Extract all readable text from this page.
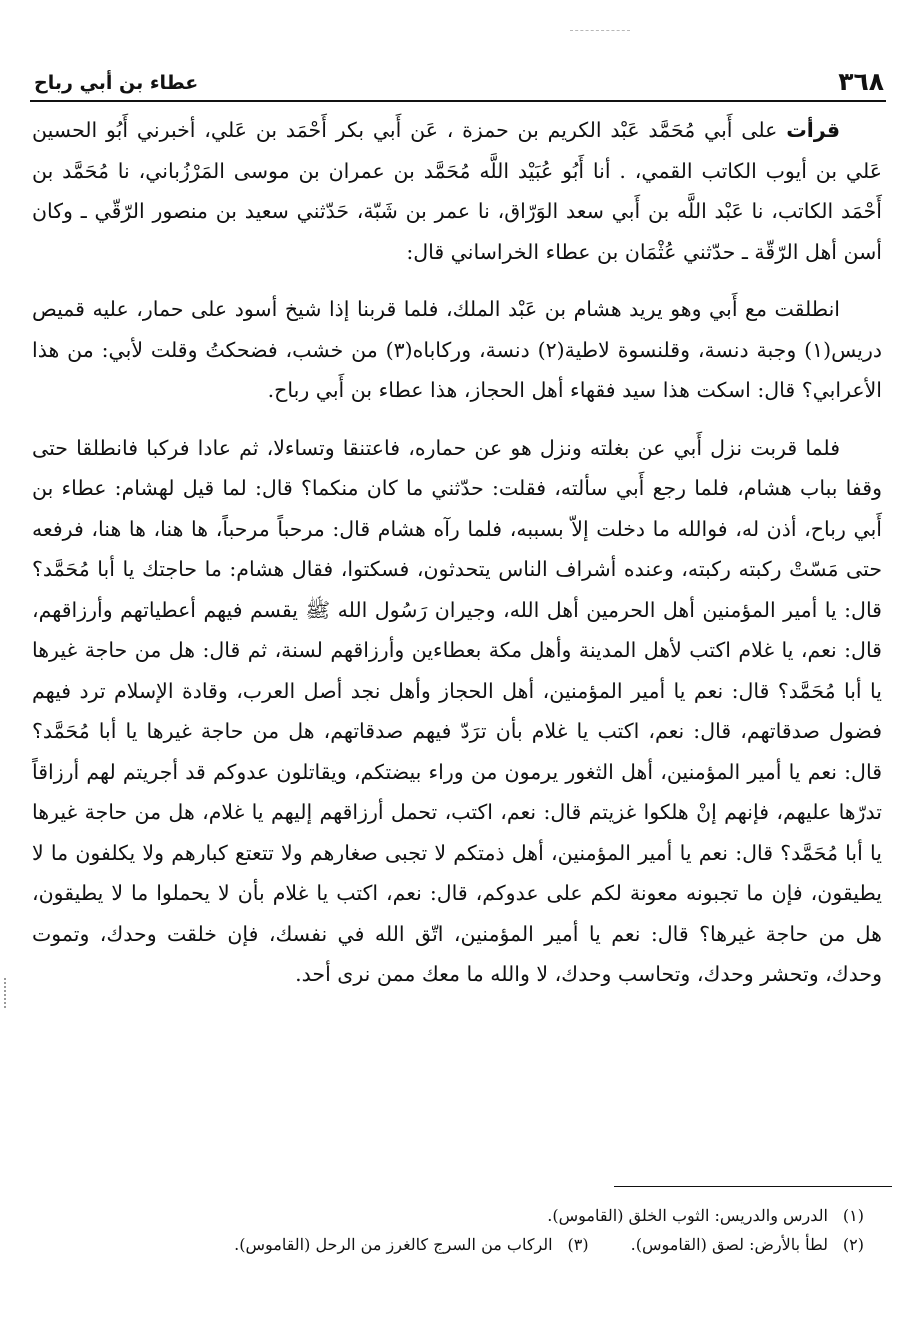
٣٦٨
عطاء بن أبي رباح

قرأت على أَبي مُحَمَّد عَبْد الكريم بن حمزة ، عَن أَبي بكر أَحْمَد بن عَلي، أخبرني أَبُو الحسين عَلي بن أيوب الكاتب القمي، . أنا أَبُو عُبَيْد اللَّه مُحَمَّد بن عمران بن موسى المَرْزُباني، نا مُحَمَّد بن أَحْمَد الكاتب، نا عَبْد اللَّه بن أَبي سعد الوَرّاق، نا عمر بن شَبّة، حَدّثني سعيد بن منصور الرّقّي ـ وكان أسن أهل الرّقّة ـ حدّثني عُثْمَان بن عطاء الخراساني قال:

انطلقت مع أَبي وهو يريد هشام بن عَبْد الملك، فلما قربنا إذا شيخ أسود على حمار، عليه قميص دريس(١) وجبة دنسة، وقلنسوة لاطية(٢) دنسة، وركاباه(٣) من خشب، فضحكتُ وقلت لأبي: من هذا الأعرابي؟ قال: اسكت هذا سيد فقهاء أهل الحجاز، هذا عطاء بن أَبي رباح.

فلما قربت نزل أَبي عن بغلته ونزل هو عن حماره، فاعتنقا وتساءلا، ثم عادا فركبا فانطلقا حتى وقفا بباب هشام، فلما رجع أَبي سألته، فقلت: حدّثني ما كان منكما؟ قال: لما قيل لهشام: عطاء بن أَبي رباح، أذن له، فوالله ما دخلت إلاّ بسببه، فلما رآه هشام قال: مرحباً مرحباً، ها هنا، ها هنا، فرفعه حتى مَسّتْ ركبته ركبته، وعنده أشراف الناس يتحدثون، فسكتوا، فقال هشام: ما حاجتك يا أبا مُحَمَّد؟ قال: يا أمير المؤمنين أهل الحرمين أهل الله، وجيران رَسُول الله ﷺ يقسم فيهم أعطياتهم وأرزاقهم، قال: نعم، يا غلام اكتب لأهل المدينة وأهل مكة بعطاءين وأرزاقهم لسنة، ثم قال: هل من حاجة غيرها يا أبا مُحَمَّد؟ قال: نعم يا أمير المؤمنين، أهل الحجاز وأهل نجد أصل العرب، وقادة الإسلام ترد فيهم فضول صدقاتهم، قال: نعم، اكتب يا غلام بأن ترَدّ فيهم صدقاتهم، هل من حاجة غيرها يا أبا مُحَمَّد؟ قال: نعم يا أمير المؤمنين، أهل الثغور يرمون من وراء بيضتكم، ويقاتلون عدوكم قد أجريتم لهم أرزاقاً تدرّها عليهم، فإنهم إنْ هلكوا غزيتم قال: نعم، اكتب، تحمل أرزاقهم إليهم يا غلام، هل من حاجة غيرها يا أبا مُحَمَّد؟ قال: نعم يا أمير المؤمنين، أهل ذمتكم لا تجبى صغارهم ولا تتعتع كبارهم ولا يكلفون ما لا يطيقون، فإن ما تجبونه معونة لكم على عدوكم، قال: نعم، اكتب يا غلام بأن لا يحملوا ما لا يطيقون، هل من حاجة غيرها؟ قال: نعم يا أمير المؤمنين، اتّق الله في نفسك، فإن خلقت وحدك، وتموت وحدك، وتحشر وحدك، وتحاسب وحدك، لا والله ما معك ممن نرى أحد.

(١)
الدرس والدريس: الثوب الخلق (القاموس).
(٢)
لطأ بالأرض: لصق (القاموس).
(٣)
الركاب من السرج كالغرز من الرحل (القاموس).
